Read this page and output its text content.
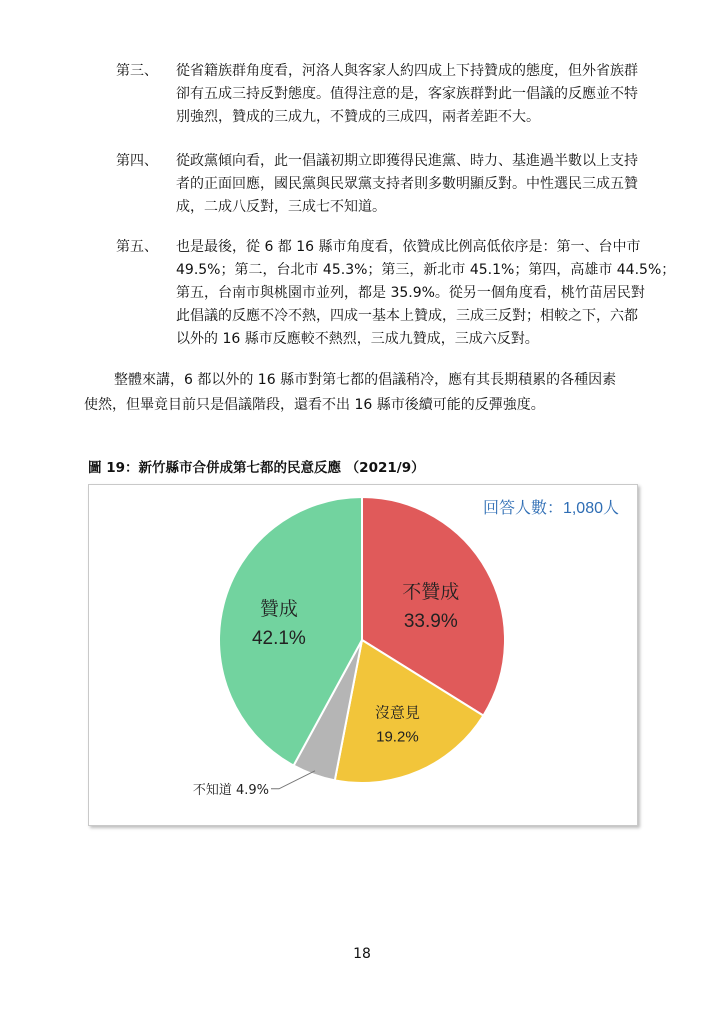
第三、	從省籍族群角度看，河洛人與客家人約四成上下持贊成的態度，但外省族群
卻有五成三持反對態度。值得注意的是，客家族群對此一倡議的反應並不特
別強烈，贊成的三成九，不贊成的三成四，兩者差距不大。
第四、	從政黨傾向看，此一倡議初期立即獲得民進黨、時力、基進過半數以上支持
者的正面回應，國民黨與民眾黨支持者則多數明顯反對。中性選民三成五贊
成，二成八反對，三成七不知道。
第五、	也是最後，從 6 都 16 縣市角度看，依贊成比例高低依序是：第一、台中市
49.5%；第二，台北市 45.3%；第三，新北市 45.1%；第四，高雄市 44.5%；
第五，台南市與桃園市並列，都是 35.9%。從另一個角度看，桃竹苗居民對
此倡議的反應不冷不熱，四成一基本上贊成，三成三反對；相較之下，六都
以外的 16 縣市反應較不熱烈，三成九贊成，三成六反對。
整體來講，6 都以外的 16 縣市對第七都的倡議稍冷，應有其長期積累的各種因素
使然，但畢竟目前只是倡議階段，還看不出 16 縣市後續可能的反彈強度。
圖 19：新竹縣市合併成第七都的民意反應 （2021/9）
不贊成
33.9%
沒意見
19.2%
不知道 4.9%
贊成
42.1%
回答人數：1,080人
18
